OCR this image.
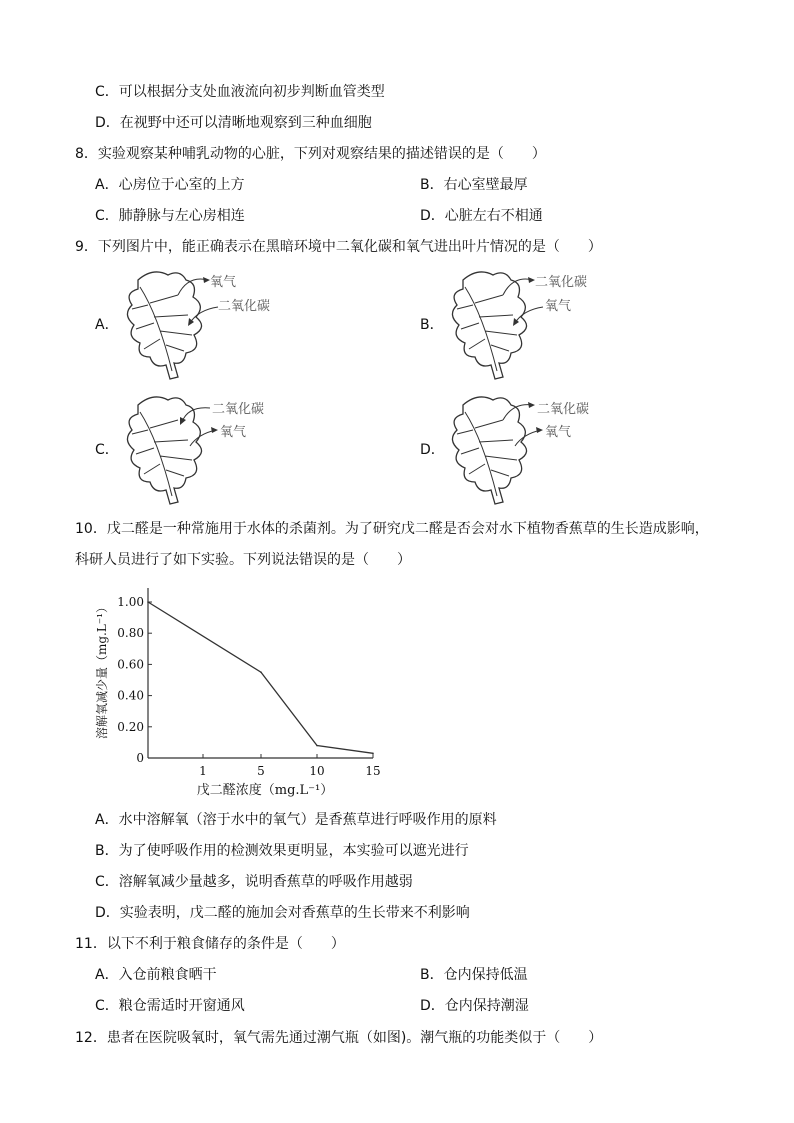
C．可以根据分支处血液流向初步判断血管类型
D．在视野中还可以清晰地观察到三种血细胞
8．实验观察某种哺乳动物的心脏，下列对观察结果的描述错误的是（　　）
A．心房位于心室的上方	B．右心室壁最厚
C．肺静脉与左心房相连	D．心脏左右不相通
9．下列图片中，能正确表示在黑暗环境中二氧化碳和氧气进出叶片情况的是（　　）
A．
氧气
二氧化碳
B．
二氧化碳
氧气
C．
二氧化碳
氧气
D．
二氧化碳
氧气
10．戊二醛是一种常施用于水体的杀菌剂。为了研究戊二醛是否会对水下植物香蕉草的生长造成影响，
科研人员进行了如下实验。下列说法错误的是（　　）
0
0.20
0.40
0.60
0.80
1.00
1	5	10	15
戊二醛浓度（mg.L⁻¹）
溶解氧减少量（mg.L⁻¹）
A．水中溶解氧（溶于水中的氧气）是香蕉草进行呼吸作用的原料
B．为了使呼吸作用的检测效果更明显，本实验可以遮光进行
C．溶解氧减少量越多，说明香蕉草的呼吸作用越弱
D．实验表明，戊二醛的施加会对香蕉草的生长带来不利影响
11．以下不利于粮食储存的条件是（　　）
A．入仓前粮食晒干	B．仓内保持低温
C．粮仓需适时开窗通风	D．仓内保持潮湿
12．患者在医院吸氧时，氧气需先通过潮气瓶（如图)。潮气瓶的功能类似于（　　）
